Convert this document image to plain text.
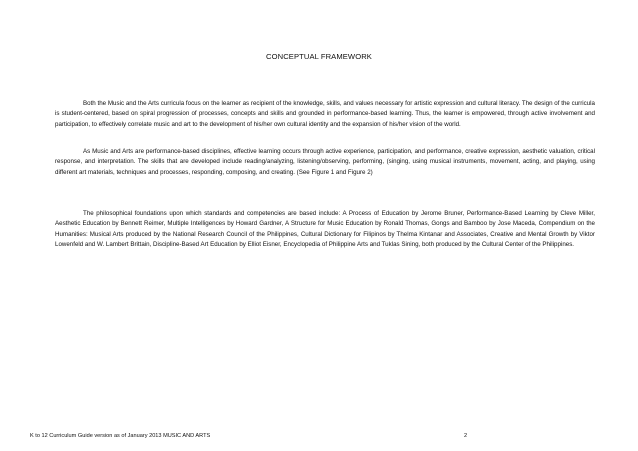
CONCEPTUAL FRAMEWORK

Both the Music and the Arts curricula focus on the learner as recipient of the knowledge, skills, and values necessary for artistic expression and cultural literacy. The design of the curricula is student-centered, based on spiral progression of processes, concepts and skills and grounded in performance-based learning. Thus, the learner is empowered, through active involvement and participation, to effectively correlate music and art to the development of his/her own cultural identity and the expansion of his/her vision of the world.

As Music and Arts are performance-based disciplines, effective learning occurs through active experience, participation, and performance, creative expression, aesthetic valuation, critical response, and interpretation. The skills that are developed include reading/analyzing, listening/observing, performing, (singing, using musical instruments, movement, acting, and playing, using different art materials, techniques and processes, responding, composing, and creating. (See Figure 1 and Figure 2)

The philosophical foundations upon which standards and competencies are based include: A Process of Education by Jerome Bruner, Performance-Based Learning by Cleve Miller, Aesthetic Education by Bennett Reimer, Multiple Intelligences by Howard Gardner, A Structure for Music Education by Ronald Thomas, Gongs and Bamboo by Jose Maceda, Compendium on the Humanities: Musical Arts produced by the National Research Council of the Philippines, Cultural Dictionary for Filipinos by Thelma Kintanar and Associates, Creative and Mental Growth by Viktor Lowenfeld and W. Lambert Brittain, Discipline-Based Art Education by Elliot Eisner, Encyclopedia of Philippine Arts and Tuklas Sining, both produced by the Cultural Center of the Philippines.

K to 12 Curriculum Guide version as of January 2013 MUSIC AND ARTS	2
